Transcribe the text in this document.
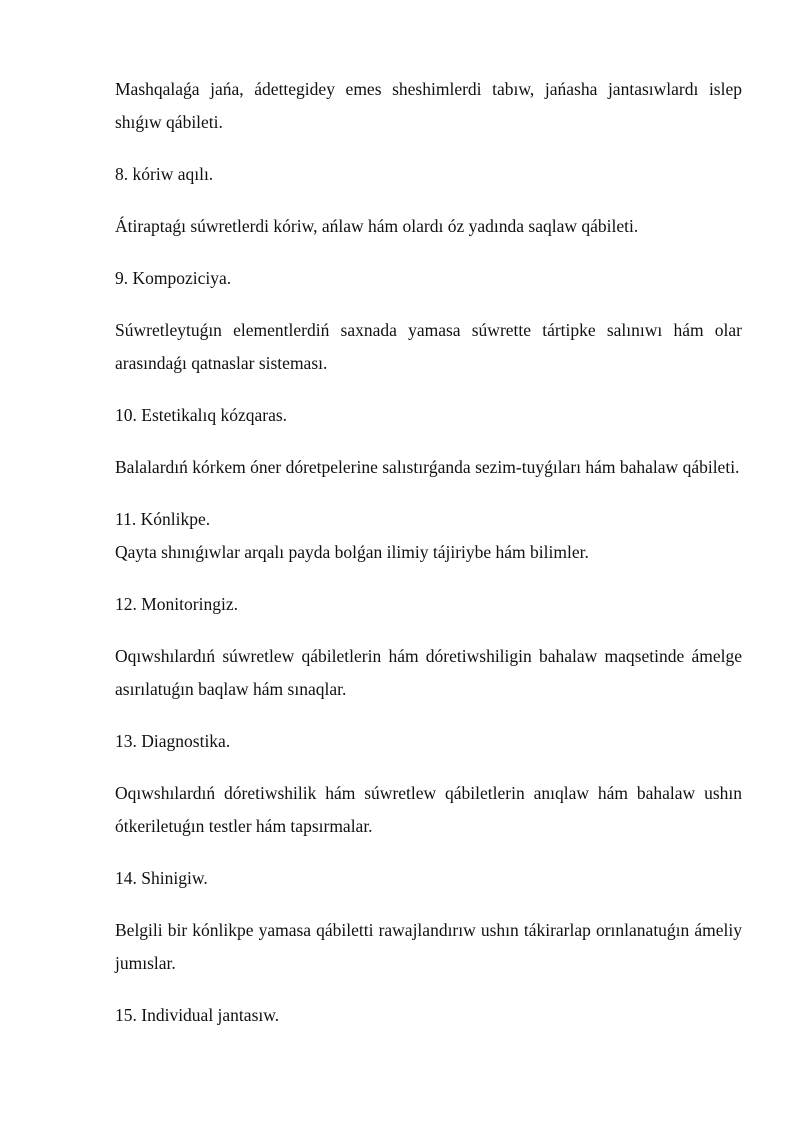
Mashqalaǵa jańa, ádettegidey emes sheshimlerdi tabıw, jańasha jantasıwlardı islep shıǵıw qábileti.

8. kóriw aqılı.

Átiraptaǵı súwretlerdi kóriw, ańlaw hám olardı óz yadında saqlaw qábileti.

9. Kompoziciya.

Súwretleytuǵın elementlerdiń saxnada yamasa súwrette tártipke salınıwı hám olar arasındaǵı qatnaslar sisteması.

10. Estetikalıq kózqaras.

Balalardıń kórkem óner dóretpelerine salıstırǵanda sezim-tuyǵıları hám bahalaw qábileti.

11. Kónlikpe.

Qayta shınıǵıwlar arqalı payda bolǵan ilimiy tájiriybe hám bilimler.

12. Monitoringiz.

Oqıwshılardıń súwretlew qábiletlerin hám dóretiwshiligin bahalaw maqsetinde ámelge asırılatuǵın baqlaw hám sınaqlar.

13. Diagnostika.

Oqıwshılardıń dóretiwshilik hám súwretlew qábiletlerin anıqlaw hám bahalaw ushın ótkeriletuǵın testler hám tapsırmalar.

14. Shinigiw.

Belgili bir kónlikpe yamasa qábiletti rawajlandırıw ushın tákirarlap orınlanatuǵın ámeliy jumıslar.

15. Individual jantasıw.
